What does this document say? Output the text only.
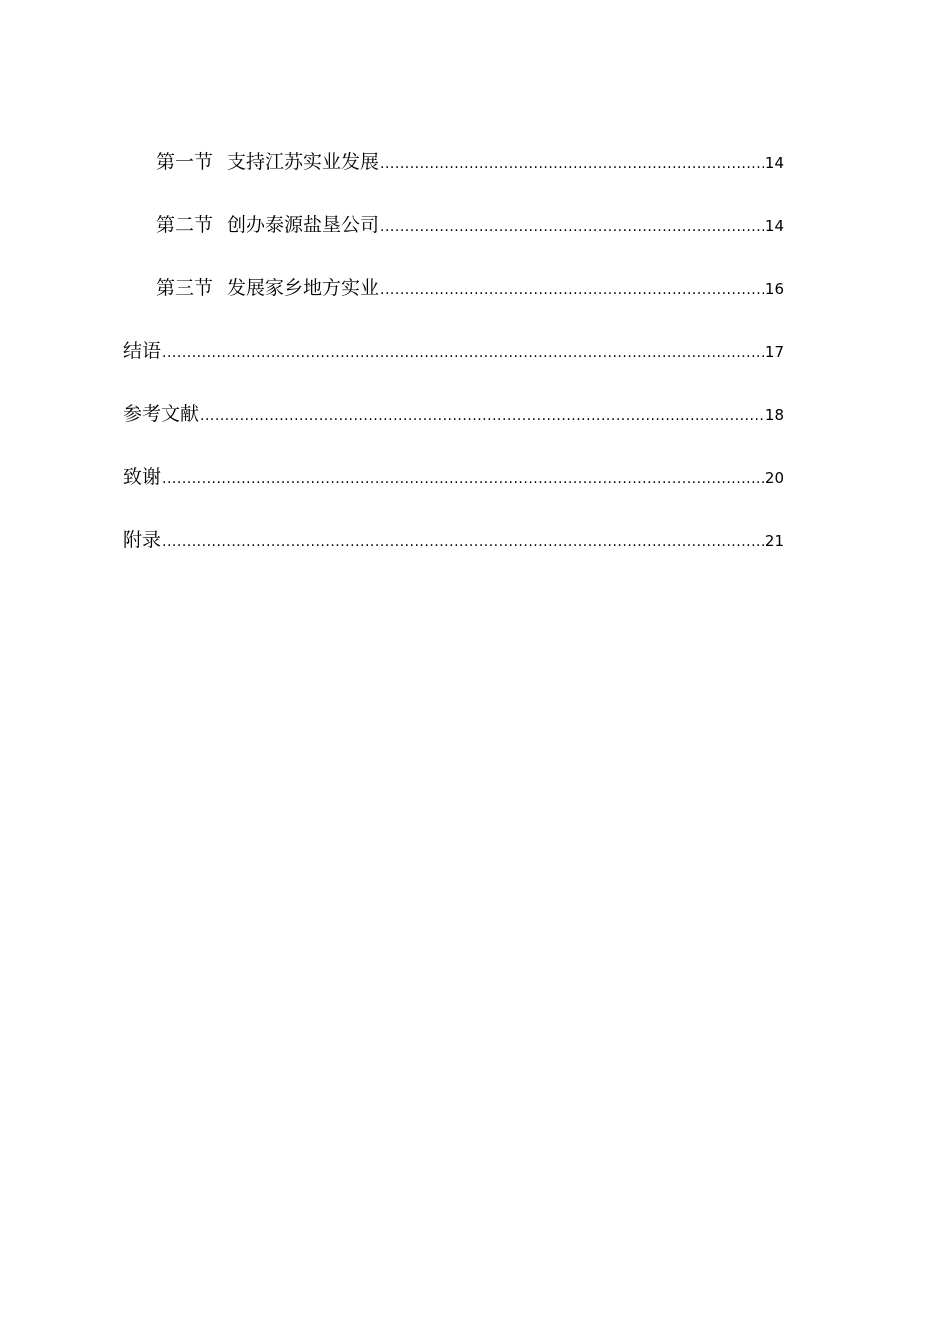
第一节 支持江苏实业发展 .....	14
第二节 创办泰源盐垦公司 .....	14
第三节 发展家乡地方实业 .....	16
结语 .....	17
参考文献 .....	18
致谢 .....	20
附录 .....	21
